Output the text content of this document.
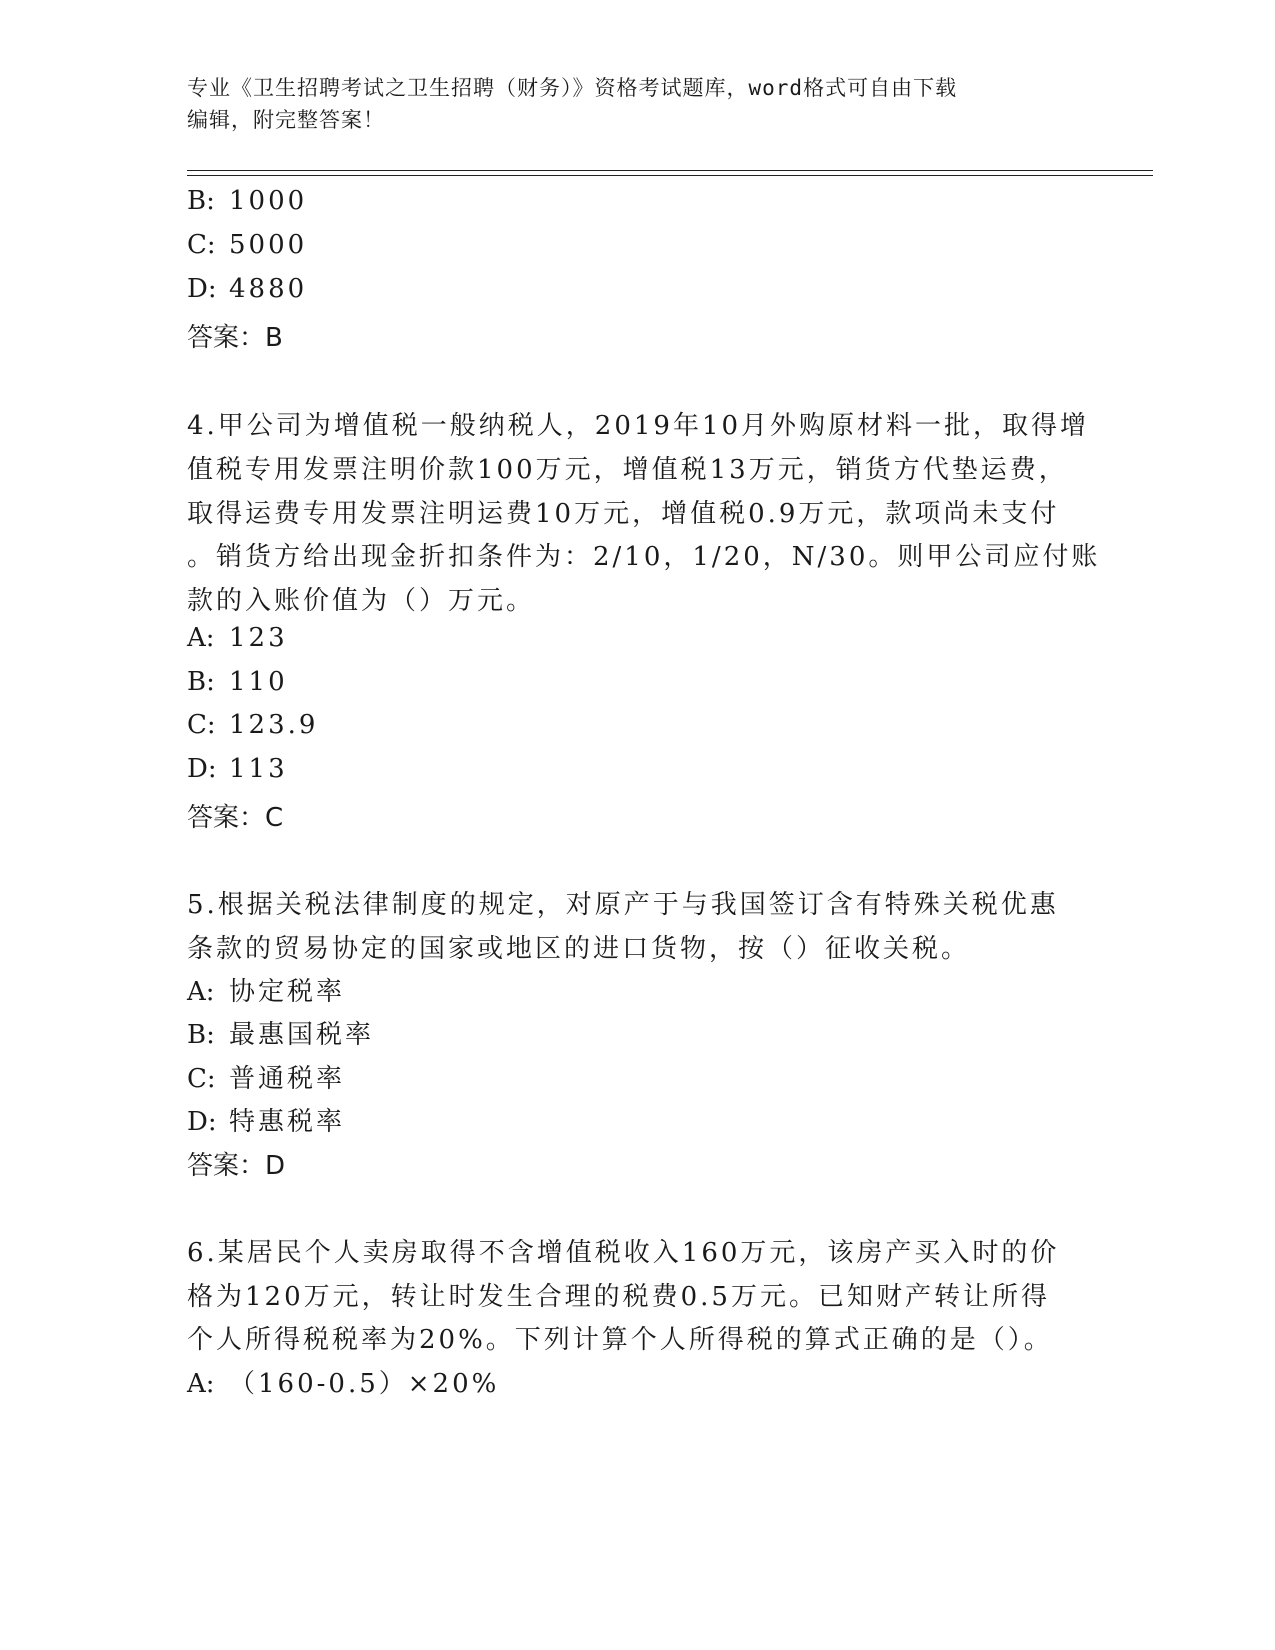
专业《卫生招聘考试之卫生招聘（财务）》资格考试题库，word格式可自由下载
编辑，附完整答案！
B: 1000
C: 5000
D: 4880
答案：B
4.甲公司为增值税一般纳税人，2019年10月外购原材料一批，取得增
值税专用发票注明价款100万元，增值税13万元，销货方代垫运费，
取得运费专用发票注明运费10万元，增值税0.9万元，款项尚未支付
。销货方给出现金折扣条件为：2/10，1/20，N/30。则甲公司应付账
款的入账价值为（）万元。
A: 123
B: 110
C: 123.9
D: 113
答案：C
5.根据关税法律制度的规定，对原产于与我国签订含有特殊关税优惠
条款的贸易协定的国家或地区的进口货物，按（）征收关税。
A: 协定税率
B: 最惠国税率
C: 普通税率
D: 特惠税率
答案：D
6.某居民个人卖房取得不含增值税收入160万元，该房产买入时的价
格为120万元，转让时发生合理的税费0.5万元。已知财产转让所得
个人所得税税率为20%。下列计算个人所得税的算式正确的是（）。
A: （160-0.5）×20%
